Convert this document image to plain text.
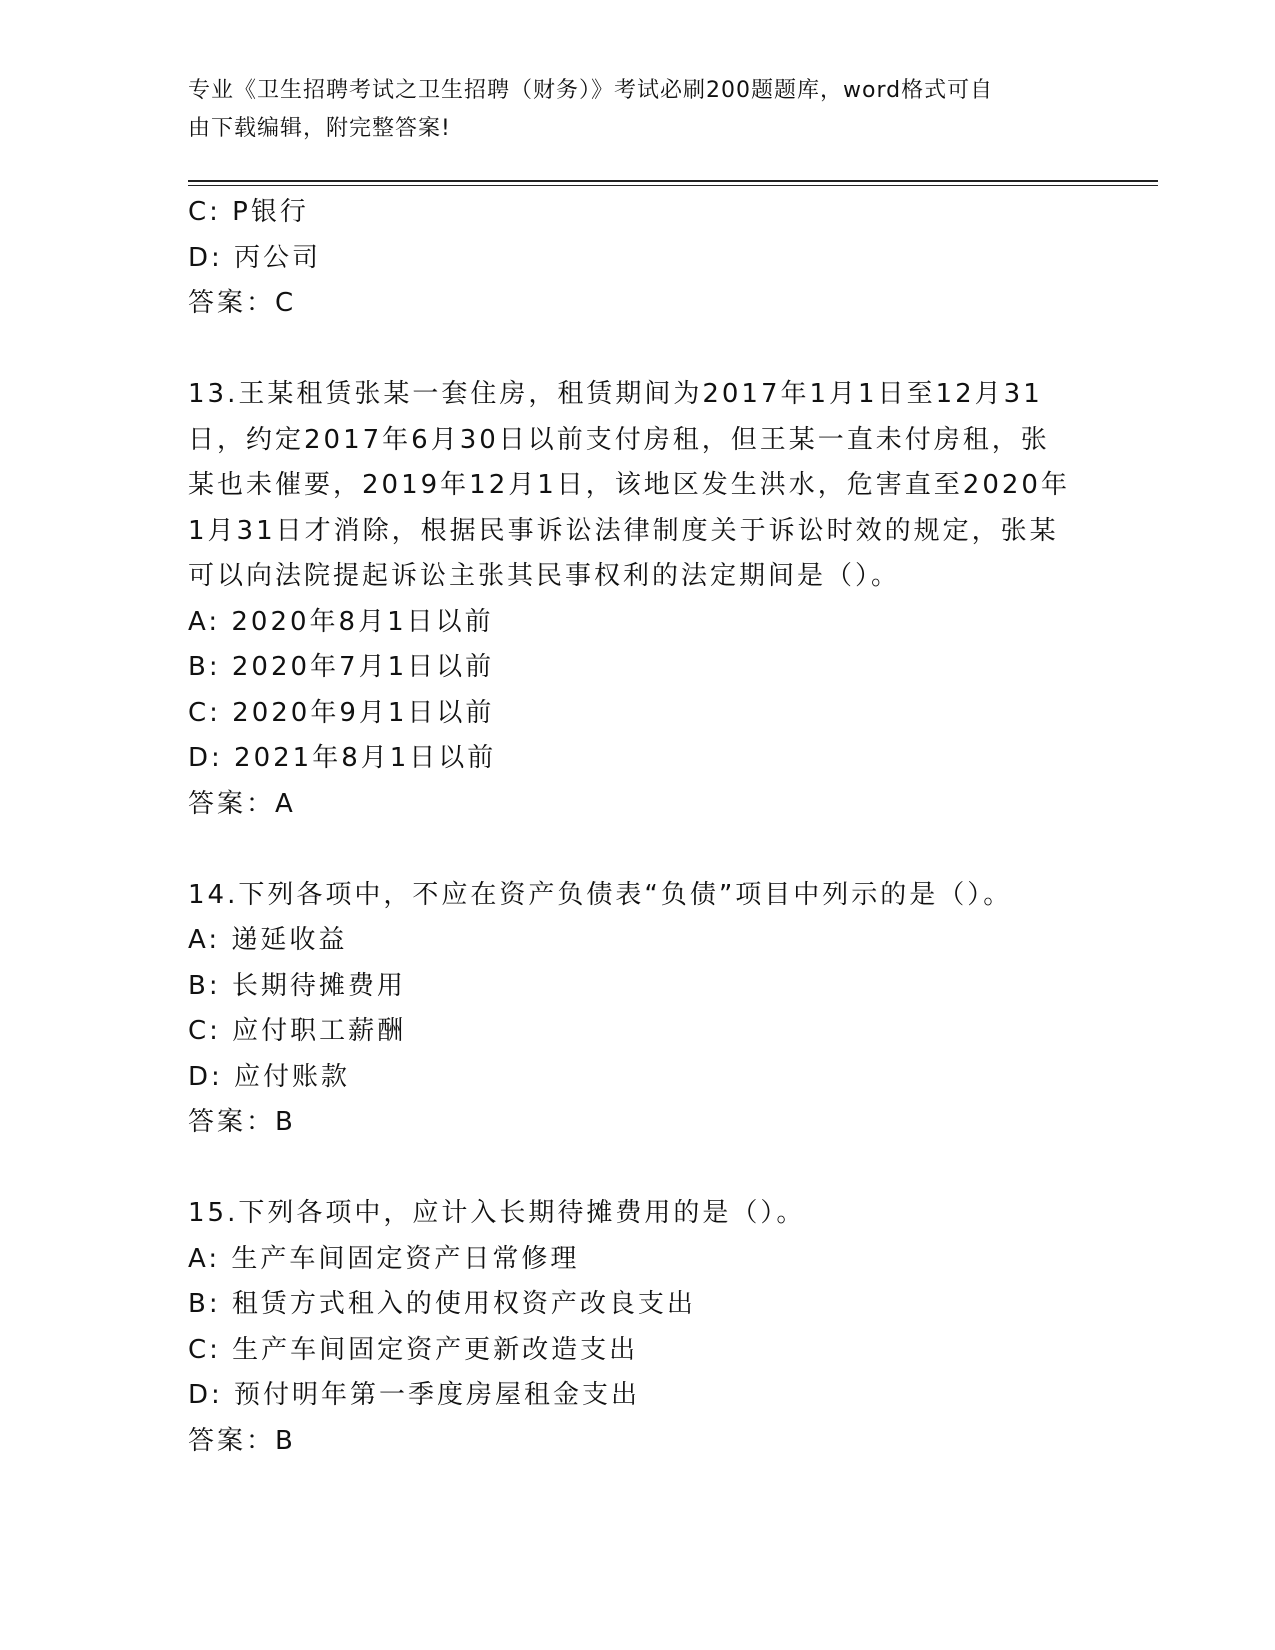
专业《卫生招聘考试之卫生招聘（财务）》考试必刷200题题库，word格式可自
由下载编辑，附完整答案!
C: P银行
D: 丙公司
答案：C
13.王某租赁张某一套住房，租赁期间为2017年1月1日至12月31
日，约定2017年6月30日以前支付房租，但王某一直未付房租，张
某也未催要，2019年12月1日，该地区发生洪水，危害直至2020年
1月31日才消除，根据民事诉讼法律制度关于诉讼时效的规定，张某
可以向法院提起诉讼主张其民事权利的法定期间是（）。
A: 2020年8月1日以前
B: 2020年7月1日以前
C: 2020年9月1日以前
D: 2021年8月1日以前
答案：A
14.下列各项中，不应在资产负债表“负债”项目中列示的是（）。
A: 递延收益
B: 长期待摊费用
C: 应付职工薪酬
D: 应付账款
答案：B
15.下列各项中，应计入长期待摊费用的是（）。
A: 生产车间固定资产日常修理
B: 租赁方式租入的使用权资产改良支出
C: 生产车间固定资产更新改造支出
D: 预付明年第一季度房屋租金支出
答案：B
